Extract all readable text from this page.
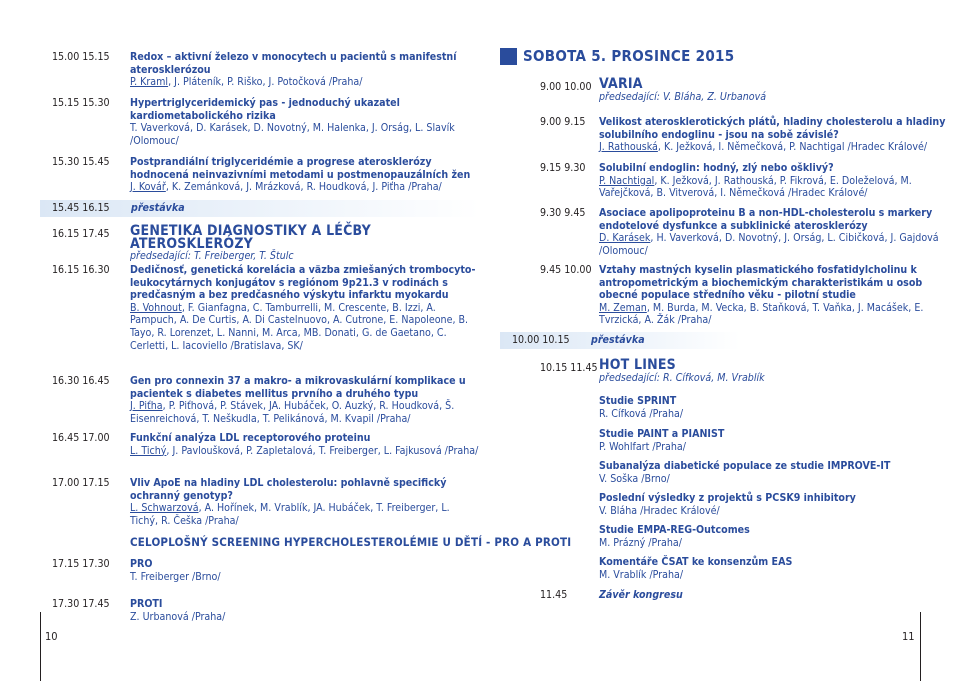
15.00 15.15 Redox – aktivní železo v monocytech u pacientů s manifestní aterosklerózou
P. Kraml, J. Pláteník, P. Riško, J. Potočková /Praha/
15.15 15.30 Hypertriglyceridemický pas - jednoduchý ukazatel kardiometabolického rizika
T. Vaverková, D. Karásek, D. Novotný, M. Halenka, J. Orság, L. Slavík /Olomouc/
15.30 15.45 Postprandiální triglyceridémie a progrese aterosklerózy hodnocená neinvazivními metodami u postmenopauzálních žen
J. Kovář, K. Zemánková, J. Mrázková, R. Houdková, J. Piťha /Praha/
15.45 16.15 přestávka
16.15 17.45 GENETIKA DIAGNOSTIKY A LÉČBY ATEROSKLERÓZY
předsedající: T. Freiberger, T. Štulc
16.15 16.30 Dedičnosť, genetická korelácia a väzba zmiešaných trombocyto-leukocytárnych konjugátov s regiónom 9p21.3 v rodinách s predčasným a bez predčasného výskytu infarktu myokardu
B. Vohnout, F. Gianfagna, C. Tamburrelli, M. Crescente, B. Izzi, A. Pampuch, A. De Curtis, A. Di Castelnuovo, A. Cutrone, E. Napoleone, B. Tayo, R. Lorenzet, L. Nanni, M. Arca, MB. Donati, G. de Gaetano, C. Cerletti, L. Iacoviello /Bratislava, SK/
16.30 16.45 Gen pro connexin 37 a makro- a mikrovaskulární komplikace u pacientek s diabetes mellitus prvního a druhého typu
J. Piťha, P. Piťhová, P. Stávek, JA. Hubáček, O. Auzký, R. Houdková, Š. Eisenreichová, T. Neškudla, T. Pelikánová, M. Kvapil /Praha/
16.45 17.00 Funkční analýza LDL receptorového proteinu
L. Tichý, J. Pavloušková, P. Zapletalová, T. Freiberger, L. Fajkusová /Praha/
17.00 17.15 Vliv ApoE na hladiny LDL cholesterolu: pohlavně specifický ochranný genotyp?
L. Schwarzová, A. Hořínek, M. Vrablík, JA. Hubáček, T. Freiberger, L. Tichý, R. Češka /Praha/
CELOPLOŠNÝ SCREENING HYPERCHOLESTEROLÉMIE U DĚTÍ - PRO A PROTI
17.15 17.30 PRO
T. Freiberger /Brno/
17.30 17.45 PROTI
Z. Urbanová /Praha/
10
SOBOTA 5. PROSINCE 2015
9.00 10.00 VARIA
předsedající: V. Bláha, Z. Urbanová
9.00 9.15 Velikost aterosklerotických plátů, hladiny cholesterolu a hladiny solubilního endoglinu - jsou na sobě závislé?
J. Rathouská, K. Ježková, I. Němečková, P. Nachtigal /Hradec Králové/
9.15 9.30 Solubilní endoglin: hodný, zlý nebo ošklivý?
P. Nachtigal, K. Ježková, J. Rathouská, P. Fikrová, E. Doleželová, M. Vařejčková, B. Vitverová, I. Němečková /Hradec Králové/
9.30 9.45 Asociace apolipoproteinu B a non-HDL-cholesterolu s markery endotelové dysfunkce a subklinické aterosklerózy
D. Karásek, H. Vaverková, D. Novotný, J. Orság, L. Cibičková, J. Gajdová /Olomouc/
9.45 10.00 Vztahy mastných kyselin plasmatického fosfatidylcholinu k antropometrickým a biochemickým charakteristikám u osob obecné populace středního věku - pilotní studie
M. Zeman, M. Burda, M. Vecka, B. Staňková, T. Vaňka, J. Macášek, E. Tvrzická, A. Žák /Praha/
10.00 10.15 přestávka
10.15 11.45 HOT LINES
předsedající: R. Cífková, M. Vrablík
Studie SPRINT
R. Cífková /Praha/
Studie PAINT a PIANIST
P. Wohlfart /Praha/
Subanalýza diabetické populace ze studie IMPROVE-IT
V. Soška /Brno/
Poslední výsledky z projektů s PCSK9 inhibitory
V. Bláha /Hradec Králové/
Studie EMPA-REG-Outcomes
M. Prázný /Praha/
Komentáře ČSAT ke konsenzům EAS
M. Vrablík /Praha/
11.45	Závěr kongresu
11
